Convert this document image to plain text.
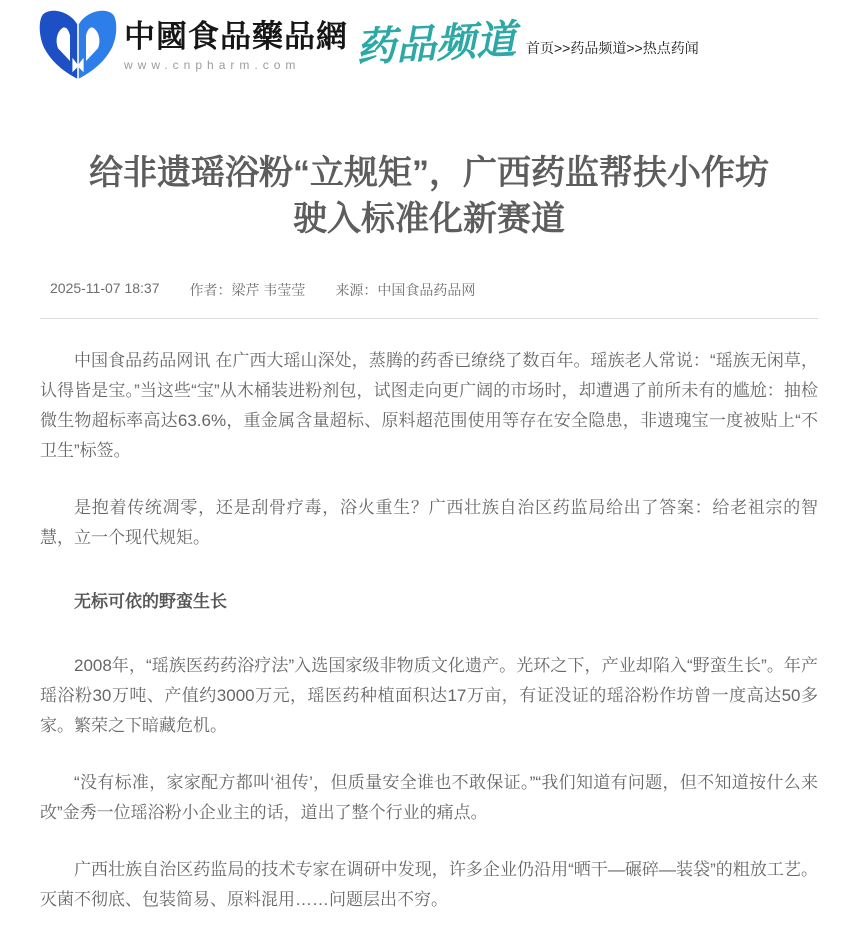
中國食品藥品網
www.cnpharm.com	药品频道 首页>>药品频道>>热点药闻
给非遗瑶浴粉“立规矩”，广西药监帮扶小作坊
驶入标准化新赛道
2025-11-07 18:37 作者：梁芹 韦莹莹 来源：中国食品药品网

中国食品药品网讯 在广西大瑶山深处，蒸腾的药香已缭绕了数百年。瑶族老人常说：“瑶族无闲草，认得皆是宝。”当这些“宝”从木桶装进粉剂包，试图走向更广阔的市场时，却遭遇了前所未有的尴尬：抽检微生物超标率高达63.6%，重金属含量超标、原料超范围使用等存在安全隐患，非遗瑰宝一度被贴上“不卫生”标签。

是抱着传统凋零，还是刮骨疗毒，浴火重生？广西壮族自治区药监局给出了答案：给老祖宗的智慧，立一个现代规矩。

无标可依的野蛮生长

2008年，“瑶族医药药浴疗法”入选国家级非物质文化遗产。光环之下，产业却陷入“野蛮生长”。年产瑶浴粉30万吨、产值约3000万元，瑶医药种植面积达17万亩，有证没证的瑶浴粉作坊曾一度高达50多家。繁荣之下暗藏危机。

“没有标准，家家配方都叫‘祖传’，但质量安全谁也不敢保证。”“我们知道有问题，但不知道按什么来改”金秀一位瑶浴粉小企业主的话，道出了整个行业的痛点。

广西壮族自治区药监局的技术专家在调研中发现，许多企业仍沿用“晒干—碾碎—装袋”的粗放工艺。灭菌不彻底、包装简易、原料混用……问题层出不穷。
